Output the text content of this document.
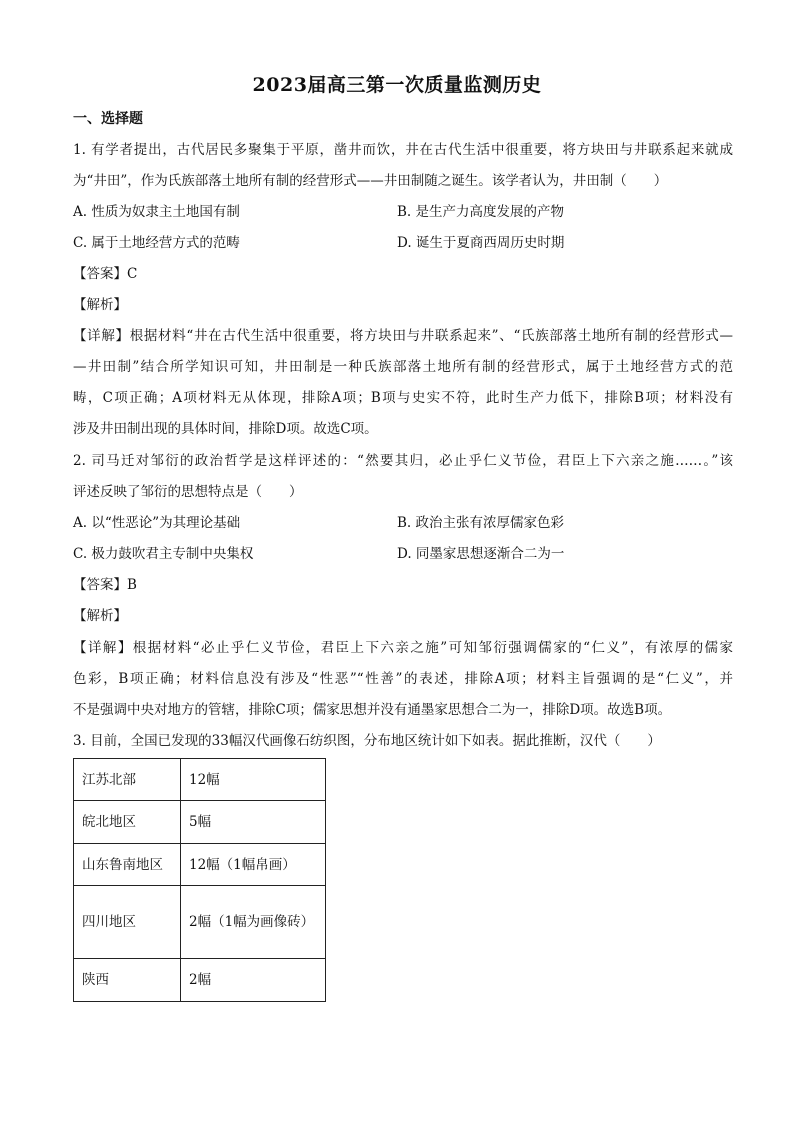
2023届高三第一次质量监测历史
一、选择题
1. 有学者提出，古代居民多聚集于平原，凿井而饮，井在古代生活中很重要，将方块田与井联系起来就成
为“井田”，作为氏族部落土地所有制的经营形式——井田制随之诞生。该学者认为，井田制（　　）
A. 性质为奴隶主土地国有制	B. 是生产力高度发展的产物
C. 属于土地经营方式的范畴	D. 诞生于夏商西周历史时期
【答案】C
【解析】
【详解】根据材料“井在古代生活中很重要，将方块田与井联系起来”、“氏族部落土地所有制的经营形式—
—井田制”结合所学知识可知，井田制是一种氏族部落土地所有制的经营形式，属于土地经营方式的范
畴，C项正确；A项材料无从体现，排除A项；B项与史实不符，此时生产力低下，排除B项；材料没有
涉及井田制出现的具体时间，排除D项。故选C项。
2. 司马迁对邹衍的政治哲学是这样评述的：“然要其归，必止乎仁义节俭，君臣上下六亲之施……。”该
评述反映了邹衍的思想特点是（　　）
A. 以“性恶论”为其理论基础	B. 政治主张有浓厚儒家色彩
C. 极力鼓吹君主专制中央集权	D. 同墨家思想逐渐合二为一
【答案】B
【解析】
【详解】根据材料“必止乎仁义节俭，君臣上下六亲之施”可知邹衍强调儒家的“仁义”，有浓厚的儒家
色彩，B项正确；材料信息没有涉及“性恶”“性善”的表述，排除A项；材料主旨强调的是“仁义”，并
不是强调中央对地方的管辖，排除C项；儒家思想并没有通墨家思想合二为一，排除D项。故选B项。
3. 目前，全国已发现的33幅汉代画像石纺织图，分布地区统计如下如表。据此推断，汉代（　　）
江苏北部	12幅
皖北地区	5幅
山东鲁南地区	12幅（1幅帛画）
四川地区	2幅（1幅为画像砖）
陕西	2幅
